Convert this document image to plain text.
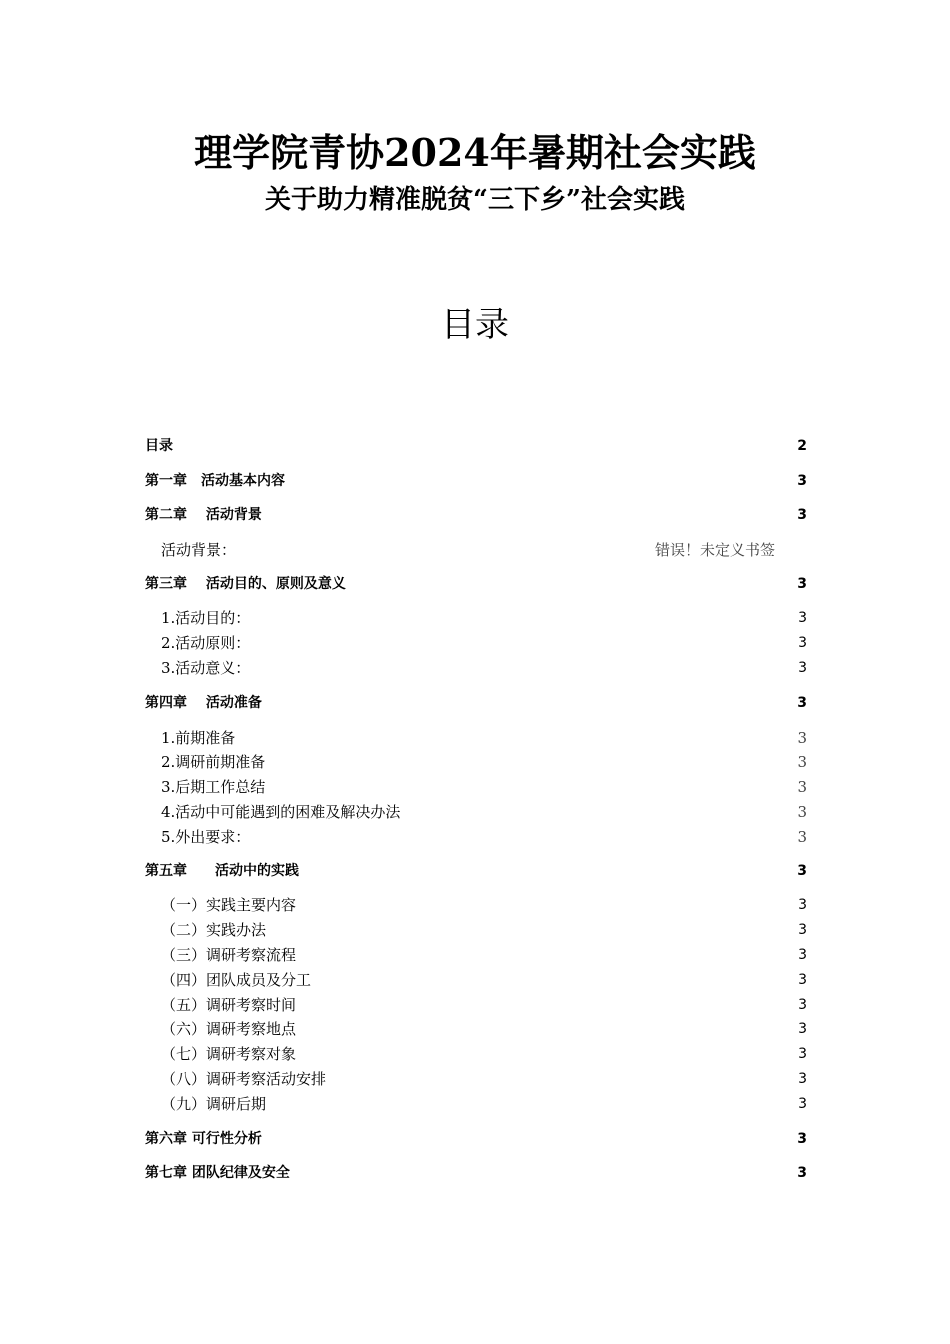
理学院青协2024年暑期社会实践
关于助力精准脱贫“三下乡”社会实践
目录
目录	2
第一章　活动基本内容	3
第二章　 活动背景	3
活动背景：	错误！未定义书签
第三章　 活动目的、原则及意义	3
1.活动目的：	3
2.活动原则：	3
3.活动意义：	3
第四章　 活动准备	3
1.前期准备	3
2.调研前期准备	3
3.后期工作总结	3
4.活动中可能遇到的困难及解决办法	3
5.外出要求：	3
第五章　　活动中的实践	3
（一）实践主要内容	3
（二）实践办法	3
（三）调研考察流程	3
（四）团队成员及分工	3
（五）调研考察时间	3
（六）调研考察地点	3
（七）调研考察对象	3
（八）调研考察活动安排	3
（九）调研后期	3
第六章 可行性分析	3
第七章 团队纪律及安全	3
